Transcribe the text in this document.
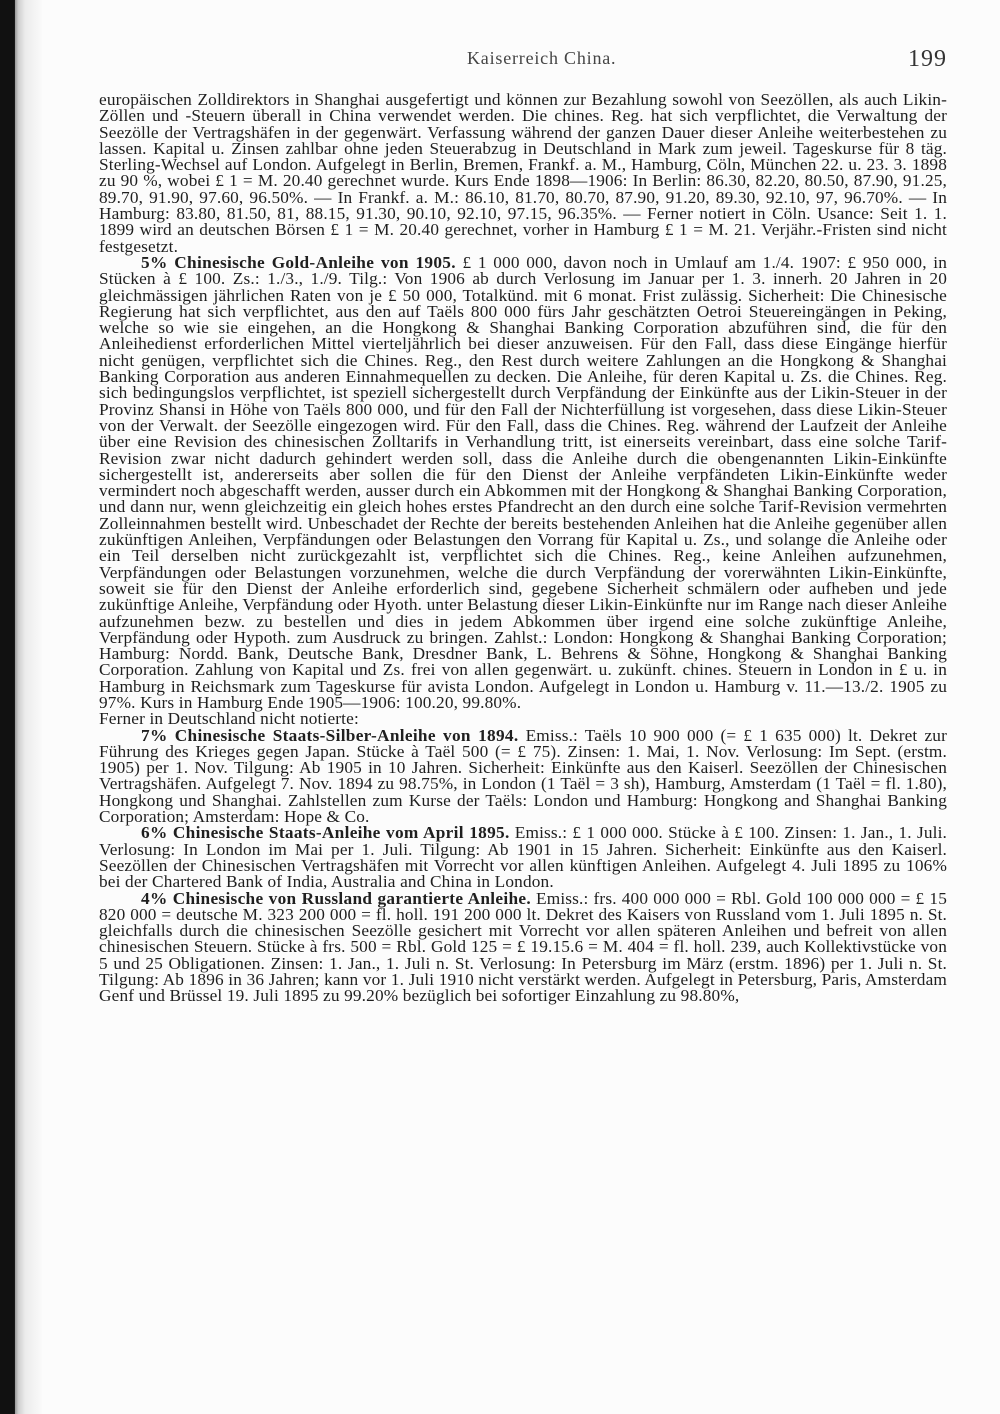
Kaiserreich China.	199

europäischen Zolldirektors in Shanghai ausgefertigt und können zur Bezahlung sowohl von Seezöllen, als auch Likin-Zöllen und -Steuern überall in China verwendet werden. Die chines. Reg. hat sich verpflichtet, die Verwaltung der Seezölle der Vertragshäfen in der gegenwärt. Verfassung während der ganzen Dauer dieser Anleihe weiterbestehen zu lassen. Kapital u. Zinsen zahlbar ohne jeden Steuerabzug in Deutschland in Mark zum jeweil. Tageskurse für 8 täg. Sterling-Wechsel auf London. Aufgelegt in Berlin, Bremen, Frankf. a. M., Hamburg, Cöln, München 22. u. 23. 3. 1898 zu 90 %, wobei £ 1 = M. 20.40 gerechnet wurde. Kurs Ende 1898—1906: In Berlin: 86.30, 82.20, 80.50, 87.90, 91.25, 89.70, 91.90, 97.60, 96.50%. — In Frankf. a. M.: 86.10, 81.70, 80.70, 87.90, 91.20, 89.30, 92.10, 97, 96.70%. — In Hamburg: 83.80, 81.50, 81, 88.15, 91.30, 90.10, 92.10, 97.15, 96.35%. — Ferner notiert in Cöln. Usance: Seit 1. 1. 1899 wird an deutschen Börsen £ 1 = M. 20.40 gerechnet, vorher in Hamburg £ 1 = M. 21. Verjähr.-Fristen sind nicht festgesetzt.

5% Chinesische Gold-Anleihe von 1905. £ 1 000 000, davon noch in Umlauf am 1./4. 1907: £ 950 000, in Stücken à £ 100. Zs.: 1./3., 1./9. Tilg.: Von 1906 ab durch Verlosung im Januar per 1. 3. innerh. 20 Jahren in 20 gleichmässigen jährlichen Raten von je £ 50 000, Totalkünd. mit 6 monat. Frist zulässig. Sicherheit: Die Chinesische Regierung hat sich verpflichtet, aus den auf Taëls 800 000 fürs Jahr geschätzten Oetroi Steuereingängen in Peking, welche so wie sie eingehen, an die Hongkong & Shanghai Banking Corporation abzuführen sind, die für den Anleihedienst erforderlichen Mittel vierteljährlich bei dieser anzuweisen. Für den Fall, dass diese Eingänge hierfür nicht genügen, verpflichtet sich die Chines. Reg., den Rest durch weitere Zahlungen an die Hongkong & Shanghai Banking Corporation aus anderen Einnahmequellen zu decken. Die Anleihe, für deren Kapital u. Zs. die Chines. Reg. sich bedingungslos verpflichtet, ist speziell sichergestellt durch Verpfändung der Einkünfte aus der Likin-Steuer in der Provinz Shansi in Höhe von Taëls 800 000, und für den Fall der Nichterfüllung ist vorgesehen, dass diese Likin-Steuer von der Verwalt. der Seezölle eingezogen wird. Für den Fall, dass die Chines. Reg. während der Laufzeit der Anleihe über eine Revision des chinesischen Zolltarifs in Verhandlung tritt, ist einerseits vereinbart, dass eine solche Tarif-Revision zwar nicht dadurch gehindert werden soll, dass die Anleihe durch die obengenannten Likin-Einkünfte sichergestellt ist, andererseits aber sollen die für den Dienst der Anleihe verpfändeten Likin-Einkünfte weder vermindert noch abgeschafft werden, ausser durch ein Abkommen mit der Hongkong & Shanghai Banking Corporation, und dann nur, wenn gleichzeitig ein gleich hohes erstes Pfandrecht an den durch eine solche Tarif-Revision vermehrten Zolleinnahmen bestellt wird. Unbeschadet der Rechte der bereits bestehenden Anleihen hat die Anleihe gegenüber allen zukünftigen Anleihen, Verpfändungen oder Belastungen den Vorrang für Kapital u. Zs., und solange die Anleihe oder ein Teil derselben nicht zurückgezahlt ist, verpflichtet sich die Chines. Reg., keine Anleihen aufzunehmen, Verpfändungen oder Belastungen vorzunehmen, welche die durch Verpfändung der vorerwähnten Likin-Einkünfte, soweit sie für den Dienst der Anleihe erforderlich sind, gegebene Sicherheit schmälern oder aufheben und jede zukünftige Anleihe, Verpfändung oder Hyoth. unter Belastung dieser Likin-Einkünfte nur im Range nach dieser Anleihe aufzunehmen bezw. zu bestellen und dies in jedem Abkommen über irgend eine solche zukünftige Anleihe, Verpfändung oder Hypoth. zum Ausdruck zu bringen. Zahlst.: London: Hongkong & Shanghai Banking Corporation; Hamburg: Nordd. Bank, Deutsche Bank, Dresdner Bank, L. Behrens & Söhne, Hongkong & Shanghai Banking Corporation. Zahlung von Kapital und Zs. frei von allen gegenwärt. u. zukünft. chines. Steuern in London in £ u. in Hamburg in Reichsmark zum Tageskurse für avista London. Aufgelegt in London u. Hamburg v. 11.—13./2. 1905 zu 97%. Kurs in Hamburg Ende 1905—1906: 100.20, 99.80%.

Ferner in Deutschland nicht notierte:

7% Chinesische Staats-Silber-Anleihe von 1894. Emiss.: Taëls 10 900 000 (= £ 1 635 000) lt. Dekret zur Führung des Krieges gegen Japan. Stücke à Taël 500 (= £ 75). Zinsen: 1. Mai, 1. Nov. Verlosung: Im Sept. (erstm. 1905) per 1. Nov. Tilgung: Ab 1905 in 10 Jahren. Sicherheit: Einkünfte aus den Kaiserl. Seezöllen der Chinesischen Vertragshäfen. Aufgelegt 7. Nov. 1894 zu 98.75%, in London (1 Taël = 3 sh), Hamburg, Amsterdam (1 Taël = fl. 1.80), Hongkong und Shanghai. Zahlstellen zum Kurse der Taëls: London und Hamburg: Hongkong and Shanghai Banking Corporation; Amsterdam: Hope & Co.

6% Chinesische Staats-Anleihe vom April 1895. Emiss.: £ 1 000 000. Stücke à £ 100. Zinsen: 1. Jan., 1. Juli. Verlosung: In London im Mai per 1. Juli. Tilgung: Ab 1901 in 15 Jahren. Sicherheit: Einkünfte aus den Kaiserl. Seezöllen der Chinesischen Vertragshäfen mit Vorrecht vor allen künftigen Anleihen. Aufgelegt 4. Juli 1895 zu 106% bei der Chartered Bank of India, Australia and China in London.

4% Chinesische von Russland garantierte Anleihe. Emiss.: frs. 400 000 000 = Rbl. Gold 100 000 000 = £ 15 820 000 = deutsche M. 323 200 000 = fl. holl. 191 200 000 lt. Dekret des Kaisers von Russland vom 1. Juli 1895 n. St. gleichfalls durch die chinesischen Seezölle gesichert mit Vorrecht vor allen späteren Anleihen und befreit von allen chinesischen Steuern. Stücke à frs. 500 = Rbl. Gold 125 = £ 19.15.6 = M. 404 = fl. holl. 239, auch Kollektivstücke von 5 und 25 Obligationen. Zinsen: 1. Jan., 1. Juli n. St. Verlosung: In Petersburg im März (erstm. 1896) per 1. Juli n. St. Tilgung: Ab 1896 in 36 Jahren; kann vor 1. Juli 1910 nicht verstärkt werden. Aufgelegt in Petersburg, Paris, Amsterdam Genf und Brüssel 19. Juli 1895 zu 99.20% bezüglich bei sofortiger Einzahlung zu 98.80%,
